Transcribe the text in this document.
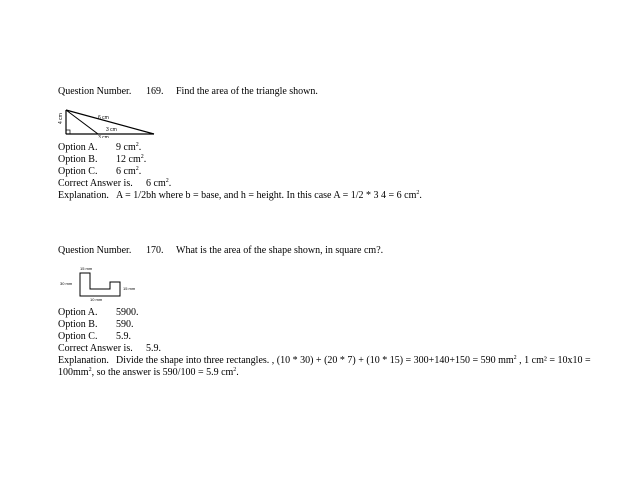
Question Number. 169. Find the area of the triangle shown.
4 cm	6 cm
3 cm
3 cm
Option A. 9 $cm^2$.
Option B. 12 $cm^2$.
Option C. 6 $cm^2$.
Correct Answer is. 6 $cm^2$.
Explanation. A = 1/2bh where b = base, and h = height. In this case A = 1/2 * 3 4 = 6 $cm^2$.
Question Number. 170. What is the area of the shape shown, in square cm?.
15 mm
30 mm
10 mm
15 mm
Option A. 5900.
Option B. 590.
Option C. 5.9.
Correct Answer is. 5.9.
Explanation. Divide the shape into three rectangles. , (10 * 30) + (20 * 7) + (10 * 15) = 300+140+150 = 590 $mm^2$ , 1 cm² = 10x10 =
$100mm^2$, so the answer is 590/100 = 5.9 $cm^2$.
